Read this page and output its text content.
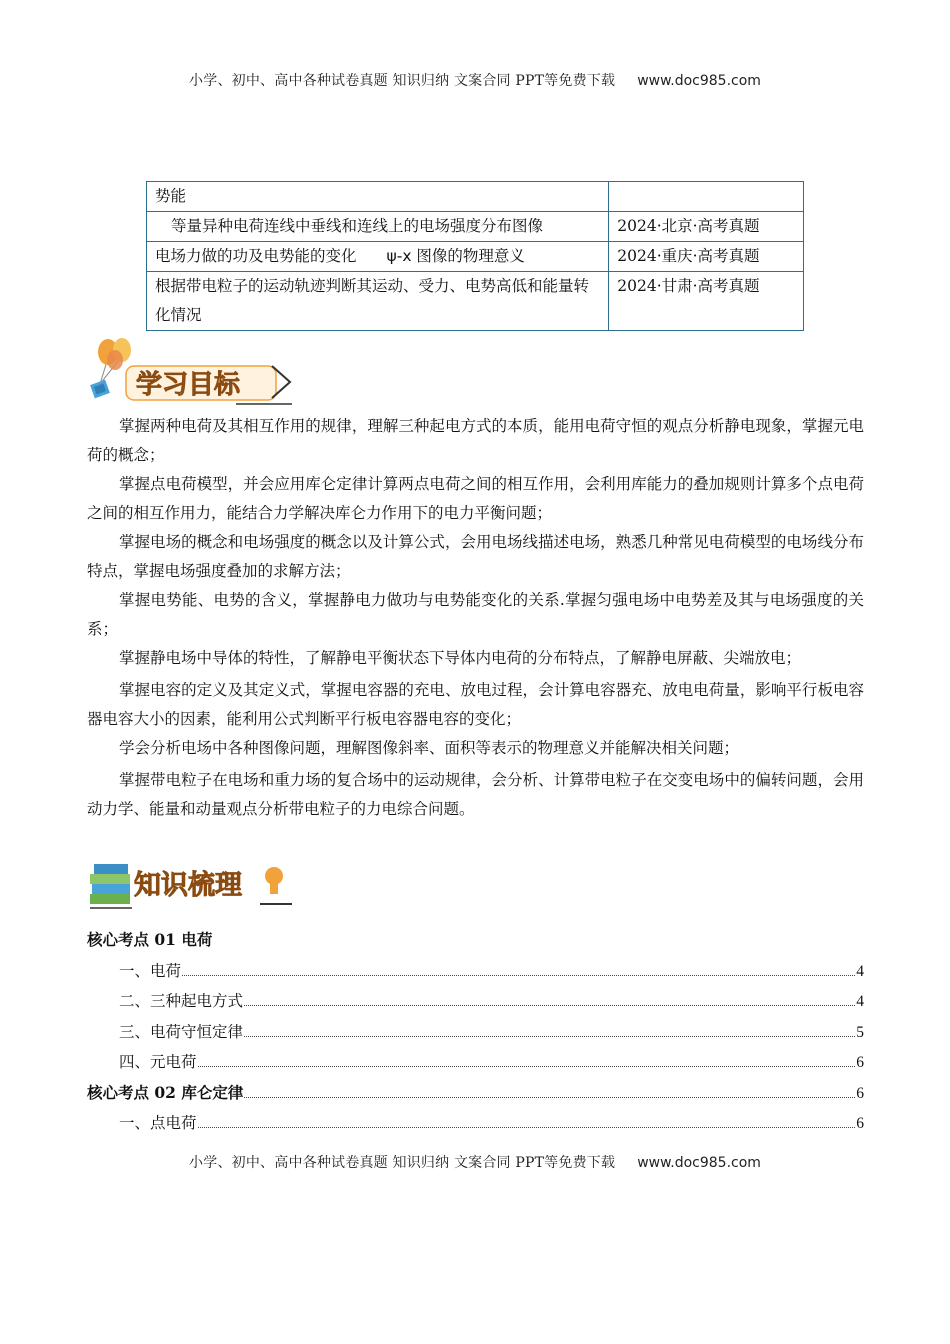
小学、初中、高中各种试卷真题 知识归纳 文案合同 PPT等免费下载 www.doc985.com
势能	
等量异种电荷连线中垂线和连线上的电场强度分布图像	2024·北京·高考真题
电场力做的功及电势能的变化 ψ-x 图像的物理意义	2024·重庆·高考真题
根据带电粒子的运动轨迹判断其运动、受力、电势高低和能量转化情况	2024·甘肃·高考真题
学习目标

掌握两种电荷及其相互作用的规律，理解三种起电方式的本质，能用电荷守恒的观点分析静电现象，掌握元电荷的概念；

掌握点电荷模型，并会应用库仑定律计算两点电荷之间的相互作用，会利用库能力的叠加规则计算多个点电荷之间的相互作用力，能结合力学解决库仑力作用下的电力平衡问题；

掌握电场的概念和电场强度的概念以及计算公式，会用电场线描述电场，熟悉几种常见电荷模型的电场线分布特点，掌握电场强度叠加的求解方法；

掌握电势能、电势的含义，掌握静电力做功与电势能变化的关系.掌握匀强电场中电势差及其与电场强度的关系；

掌握静电场中导体的特性，了解静电平衡状态下导体内电荷的分布特点，了解静电屏蔽、尖端放电；

掌握电容的定义及其定义式，掌握电容器的充电、放电过程，会计算电容器充、放电电荷量，影响平行板电容器电容大小的因素，能利用公式判断平行板电容器电容的变化；

学会分析电场中各种图像问题，理解图像斜率、面积等表示的物理意义并能解决相关问题；

掌握带电粒子在电场和重力场的复合场中的运动规律，会分析、计算带电粒子在交变电场中的偏转问题，会用动力学、能量和动量观点分析带电粒子的力电综合问题。

知识梳理
核心考点 01 电荷
一、电荷	4
二、三种起电方式	4
三、电荷守恒定律	5
四、元电荷	6
核心考点 02 库仑定律	6
一、点电荷	6
小学、初中、高中各种试卷真题 知识归纳 文案合同 PPT等免费下载 www.doc985.com
